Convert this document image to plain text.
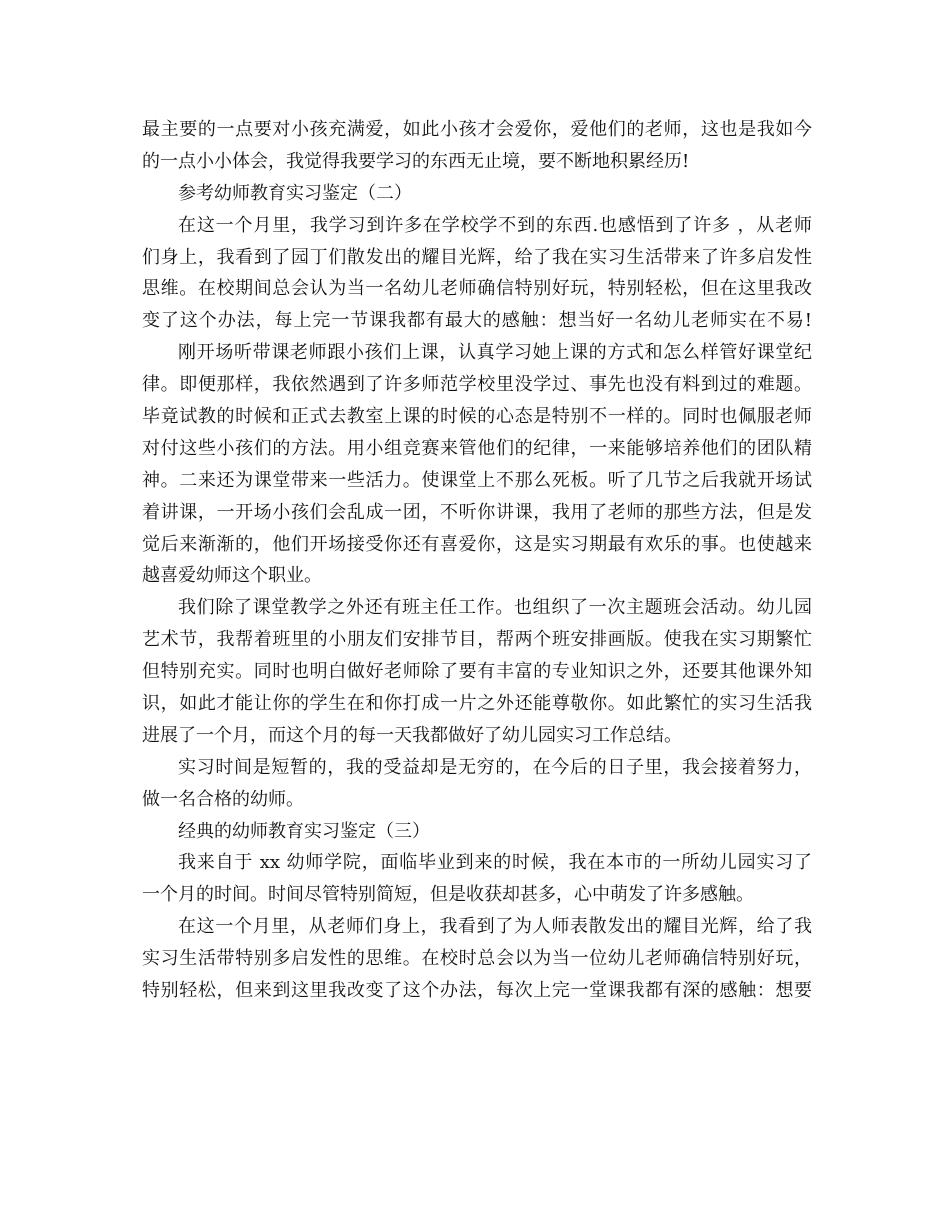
最主要的一点要对小孩充满爱，如此小孩才会爱你，爱他们的老师，这也是我如今
的一点小小体会，我觉得我要学习的东西无止境，要不断地积累经历!
参考幼师教育实习鉴定（二）
在这一个月里，我学习到许多在学校学不到的东西.也感悟到了许多 ，从老师
们身上，我看到了园丁们散发出的耀目光辉，给了我在实习生活带来了许多启发性
思维。在校期间总会认为当一名幼儿老师确信特别好玩，特别轻松，但在这里我改
变了这个办法，每上完一节课我都有最大的感触：想当好一名幼儿老师实在不易!
刚开场听带课老师跟小孩们上课，认真学习她上课的方式和怎么样管好课堂纪
律。即便那样，我依然遇到了许多师范学校里没学过、事先也没有料到过的难题。
毕竟试教的时候和正式去教室上课的时候的心态是特别不一样的。同时也佩服老师
对付这些小孩们的方法。用小组竞赛来管他们的纪律，一来能够培养他们的团队精
神。二来还为课堂带来一些活力。使课堂上不那么死板。听了几节之后我就开场试
着讲课，一开场小孩们会乱成一团，不听你讲课，我用了老师的那些方法，但是发
觉后来渐渐的，他们开场接受你还有喜爱你，这是实习期最有欢乐的事。也使越来
越喜爱幼师这个职业。
我们除了课堂教学之外还有班主任工作。也组织了一次主题班会活动。幼儿园
艺术节，我帮着班里的小朋友们安排节目，帮两个班安排画版。使我在实习期繁忙
但特别充实。同时也明白做好老师除了要有丰富的专业知识之外，还要其他课外知
识，如此才能让你的学生在和你打成一片之外还能尊敬你。如此繁忙的实习生活我
进展了一个月，而这个月的每一天我都做好了幼儿园实习工作总结。
实习时间是短暂的，我的受益却是无穷的，在今后的日子里，我会接着努力，
做一名合格的幼师。
经典的幼师教育实习鉴定（三）
我来自于 xx 幼师学院，面临毕业到来的时候，我在本市的一所幼儿园实习了
一个月的时间。时间尽管特别简短，但是收获却甚多，心中萌发了许多感触。
在这一个月里，从老师们身上，我看到了为人师表散发出的耀目光辉，给了我
实习生活带特别多启发性的思维。在校时总会以为当一位幼儿老师确信特别好玩，
特别轻松，但来到这里我改变了这个办法，每次上完一堂课我都有深的感触：想要
